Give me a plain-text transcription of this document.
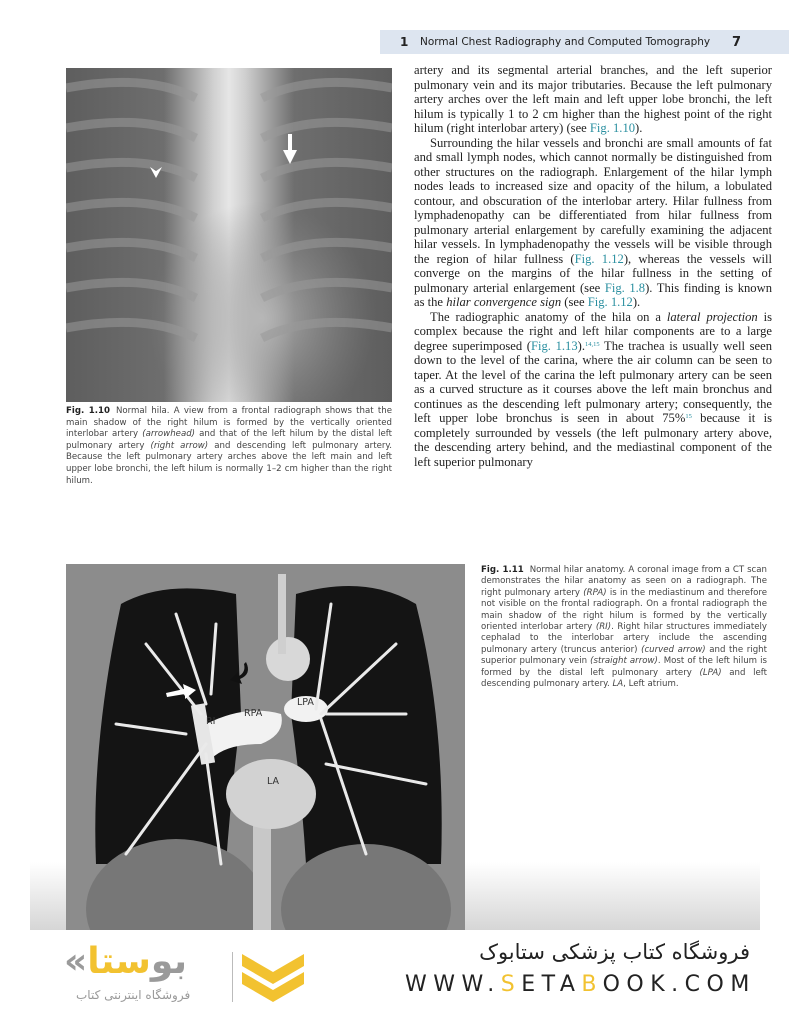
1 Normal Chest Radiography and Computed Tomography 7
Fig. 1.10 Normal hila. A view from a frontal radiograph shows that the main shadow of the right hilum is formed by the vertically oriented interlobar artery (arrowhead) and that of the left hilum by the distal left pulmonary artery (right arrow) and descending left pulmonary artery. Because the left pulmonary artery arches above the left main and left upper lobe bronchi, the left hilum is normally 1–2 cm higher than the right hilum.

artery and its segmental arterial branches, and the left superior pulmonary vein and its major tributaries. Because the left pulmonary artery arches over the left main and left upper lobe bronchi, the left hilum is typically 1 to 2 cm higher than the highest point of the right hilum (right interlobar artery) (see Fig. 1.10).

Surrounding the hilar vessels and bronchi are small amounts of fat and small lymph nodes, which cannot normally be distinguished from other structures on the radiograph. Enlargement of the hilar lymph nodes leads to increased size and opacity of the hilum, a lobulated contour, and obscuration of the interlobar artery. Hilar fullness from lymphadenopathy can be differentiated from hilar fullness from pulmonary arterial enlargement by carefully examining the adjacent hilar vessels. In lymphadenopathy the vessels will be visible through the region of hilar fullness (Fig. 1.12), whereas the vessels will converge on the margins of the hilar fullness in the setting of pulmonary arterial enlargement (see Fig. 1.8). This finding is known as the hilar convergence sign (see Fig. 1.12).

The radiographic anatomy of the hila on a lateral projection is complex because the right and left hilar components are to a large degree superimposed (Fig. 1.13).$^{14,15}$ The trachea is usually well seen down to the level of the carina, where the air column can be seen to taper. At the level of the carina the left pulmonary artery can be seen as a curved structure as it courses above the left main bronchus and continues as the descending left pulmonary artery; consequently, the left upper lobe bronchus is seen in about 75%$^{15}$ because it is completely surrounded by vessels (the left pulmonary artery above, the descending artery behind, and the mediastinal component of the left superior pulmonary

RI
RPA
LPA
LA
Fig. 1.11 Normal hilar anatomy. A coronal image from a CT scan demonstrates the hilar anatomy as seen on a radiograph. The right pulmonary artery (RPA) is in the mediastinum and therefore not visible on the frontal radiograph. On a frontal radiograph the main shadow of the right hilum is formed by the vertically oriented interlobar artery (RI). Right hilar structures immediately cephalad to the interlobar artery include the ascending pulmonary artery (truncus anterior) (curved arrow) and the right superior pulmonary vein (straight arrow). Most of the left hilum is formed by the distal left pulmonary artery (LPA) and left descending pulmonary artery. LA, Left atrium.
«بوستا
فروشگاه اینترنتی کتاب
فروشگاه کتاب پزشکی ستابوک
WWW.SETABOOK.COM
